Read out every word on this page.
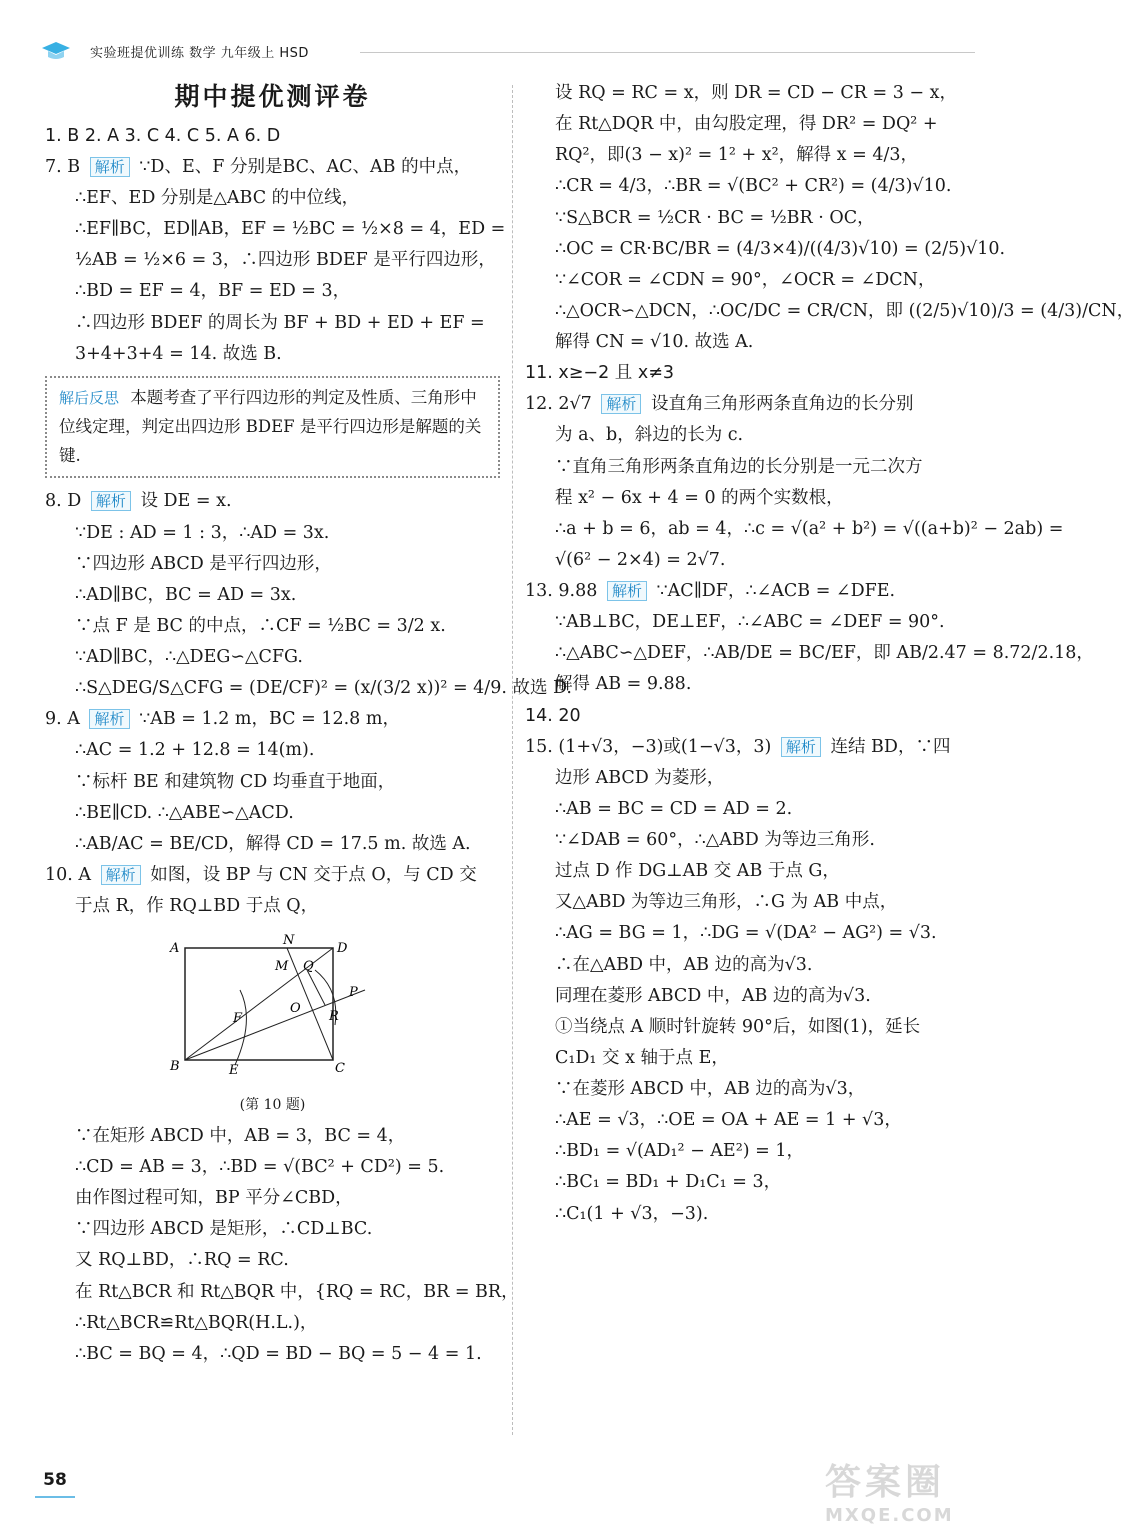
实验班提优训练 数学 九年级上 HSD
期中提优测评卷
1. B 2. A 3. C 4. C 5. A 6. D
7. B 解析 ∵D、E、F 分别是BC、AC、AB 的中点，
∴EF、ED 分别是△ABC 的中位线，
∴EF∥BC，ED∥AB，EF = ½BC = ½×8 = 4，ED =
½AB = ½×6 = 3，∴四边形 BDEF 是平行四边形，
∴BD = EF = 4，BF = ED = 3，
∴四边形 BDEF 的周长为 BF + BD + ED + EF =
3+4+3+4 = 14. 故选 B.
解后反思 本题考查了平行四边形的判定及性质、三角形中位线定理，判定出四边形 BDEF 是平行四边形是解题的关键.
8. D 解析 设 DE = x.
∵DE : AD = 1 : 3，∴AD = 3x.
∵四边形 ABCD 是平行四边形，
∴AD∥BC，BC = AD = 3x.
∵点 F 是 BC 的中点，∴CF = ½BC = 3/2 x.
∵AD∥BC，∴△DEG∽△CFG.
∴S△DEG/S△CFG = (DE/CF)² = (x/(3/2 x))² = 4/9. 故选 D.
9. A 解析 ∵AB = 1.2 m，BC = 12.8 m，
∴AC = 1.2 + 12.8 = 14(m).
∵标杆 BE 和建筑物 CD 均垂直于地面，
∴BE∥CD. ∴△ABE∽△ACD.
∴AB/AC = BE/CD，解得 CD = 17.5 m. 故选 A.
10. A 解析 如图，设 BP 与 CN 交于点 O，与 CD 交
于点 R，作 RQ⊥BD 于点 Q，
A
N
D
M Q
F
O
P
R
B	E	C
(第 10 题)
∵在矩形 ABCD 中，AB = 3，BC = 4，
∴CD = AB = 3，∴BD = √(BC² + CD²) = 5.
由作图过程可知，BP 平分∠CBD，
∵四边形 ABCD 是矩形，∴CD⊥BC.
又 RQ⊥BD，∴RQ = RC.
在 Rt△BCR 和 Rt△BQR 中，{RQ = RC，BR = BR，
∴Rt△BCR≌Rt△BQR(H.L.)，
∴BC = BQ = 4，∴QD = BD − BQ = 5 − 4 = 1.
设 RQ = RC = x，则 DR = CD − CR = 3 − x，
在 Rt△DQR 中，由勾股定理，得 DR² = DQ² +
RQ²，即(3 − x)² = 1² + x²，解得 x = 4/3，
∴CR = 4/3，∴BR = √(BC² + CR²) = (4/3)√10.
∵S△BCR = ½CR · BC = ½BR · OC，
∴OC = CR·BC/BR = (4/3×4)/((4/3)√10) = (2/5)√10.
∵∠COR = ∠CDN = 90°，∠OCR = ∠DCN，
∴△OCR∽△DCN，∴OC/DC = CR/CN，即 ((2/5)√10)/3 = (4/3)/CN，
解得 CN = √10. 故选 A.
11. x≥−2 且 x≠3
12. 2√7 解析 设直角三角形两条直角边的长分别
为 a、b，斜边的长为 c.
∵直角三角形两条直角边的长分别是一元二次方
程 x² − 6x + 4 = 0 的两个实数根，
∴a + b = 6，ab = 4，∴c = √(a² + b²) = √((a+b)² − 2ab) =
√(6² − 2×4) = 2√7.
13. 9.88 解析 ∵AC∥DF，∴∠ACB = ∠DFE.
∵AB⊥BC，DE⊥EF，∴∠ABC = ∠DEF = 90°.
∴△ABC∽△DEF，∴AB/DE = BC/EF，即 AB/2.47 = 8.72/2.18，
解得 AB = 9.88.
14. 20
15. (1+√3，−3)或(1−√3，3) 解析 连结 BD，∵四
边形 ABCD 为菱形，
∴AB = BC = CD = AD = 2.
∵∠DAB = 60°，∴△ABD 为等边三角形.
过点 D 作 DG⊥AB 交 AB 于点 G，
又△ABD 为等边三角形，∴G 为 AB 中点，
∴AG = BG = 1，∴DG = √(DA² − AG²) = √3.
∴在△ABD 中，AB 边的高为√3.
同理在菱形 ABCD 中，AB 边的高为√3.
①当绕点 A 顺时针旋转 90°后，如图(1)，延长
C₁D₁ 交 x 轴于点 E，
∵在菱形 ABCD 中，AB 边的高为√3，
∴AE = √3，∴OE = OA + AE = 1 + √3，
∴BD₁ = √(AD₁² − AE²) = 1，
∴BC₁ = BD₁ + D₁C₁ = 3，
∴C₁(1 + √3，−3).
58	答案圈
MXQE.COM
